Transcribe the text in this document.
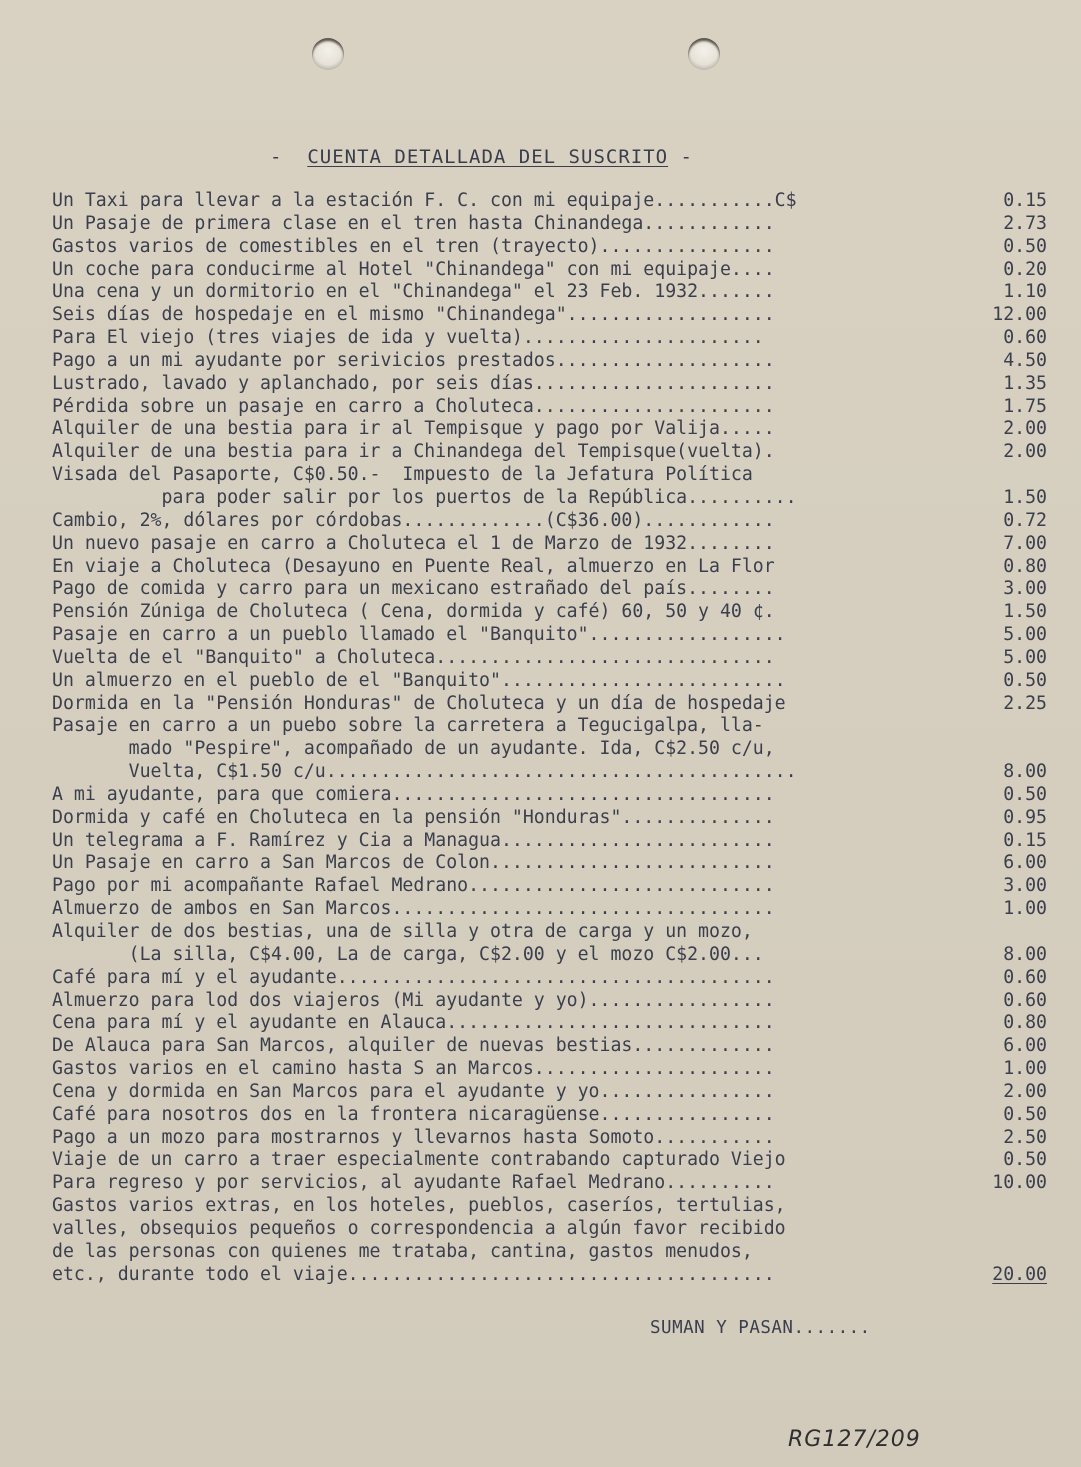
- CUENTA DETALLADA DEL SUSCRITO -
Un Taxi para llevar a la estación F. C. con mi equipaje...........C$	0.15
Un Pasaje de primera clase en el tren hasta Chinandega............	2.73
Gastos varios de comestibles en el tren (trayecto)................	0.50
Un coche para conducirme al Hotel "Chinandega" con mi equipaje....	0.20
Una cena y un dormitorio en el "Chinandega" el 23 Feb. 1932.......	1.10
Seis días de hospedaje en el mismo "Chinandega"...................	12.00
Para El viejo (tres viajes de ida y vuelta)......................	0.60
Pago a un mi ayudante por serivicios prestados....................	4.50
Lustrado, lavado y aplanchado, por seis días......................	1.35
Pérdida sobre un pasaje en carro a Choluteca......................	1.75
Alquiler de una bestia para ir al Tempisque y pago por Valija.....	2.00
Alquiler de una bestia para ir a Chinandega del Tempisque(vuelta).	2.00
Visada del Pasaporte, C$0.50.-  Impuesto de la Jefatura Política
para poder salir por los puertos de la República..........	1.50
Cambio, 2%, dólares por córdobas.............(C$36.00)............	0.72
Un nuevo pasaje en carro a Choluteca el 1 de Marzo de 1932........	7.00
En viaje a Choluteca (Desayuno en Puente Real, almuerzo en La Flor	0.80
Pago de comida y carro para un mexicano estrañado del país........	3.00
Pensión Zúniga de Choluteca ( Cena, dormida y café) 60, 50 y 40 ¢.	1.50
Pasaje en carro a un pueblo llamado el "Banquito"..................	5.00
Vuelta de el "Banquito" a Choluteca...............................	5.00
Un almuerzo en el pueblo de el "Banquito"..........................	0.50
Dormida en la "Pensión Honduras" de Choluteca y un día de hospedaje	2.25
Pasaje en carro a un puebo sobre la carretera a Tegucigalpa, lla-
mado "Pespire", acompañado de un ayudante. Ida, C$2.50 c/u,
Vuelta, C$1.50 c/u...........................................	8.00
A mi ayudante, para que comiera...................................	0.50
Dormida y café en Choluteca en la pensión "Honduras"..............	0.95
Un telegrama a F. Ramírez y Cia a Managua.........................	0.15
Un Pasaje en carro a San Marcos de Colon..........................	6.00
Pago por mi acompañante Rafael Medrano............................	3.00
Almuerzo de ambos en San Marcos...................................	1.00
Alquiler de dos bestias, una de silla y otra de carga y un mozo,
(La silla, C$4.00, La de carga, C$2.00 y el mozo C$2.00...	8.00
Café para mí y el ayudante........................................	0.60
Almuerzo para lod dos viajeros (Mi ayudante y yo).................	0.60
Cena para mí y el ayudante en Alauca..............................	0.80
De Alauca para San Marcos, alquiler de nuevas bestias.............	6.00
Gastos varios en el camino hasta S an Marcos......................	1.00
Cena y dormida en San Marcos para el ayudante y yo................	2.00
Café para nosotros dos en la frontera nicaragüense................	0.50
Pago a un mozo para mostrarnos y llevarnos hasta Somoto...........	2.50
Viaje de un carro a traer especialmente contrabando capturado Viejo	0.50
Para regreso y por servicios, al ayudante Rafael Medrano..........	10.00
Gastos varios extras, en los hoteles, pueblos, caseríos, tertulias,
valles, obsequios pequeños o correspondencia a algún favor recibido
de las personas con quienes me trataba, cantina, gastos menudos,
etc., durante todo el viaje.......................................	20.00
SUMAN Y PASAN.......
RG127/209
